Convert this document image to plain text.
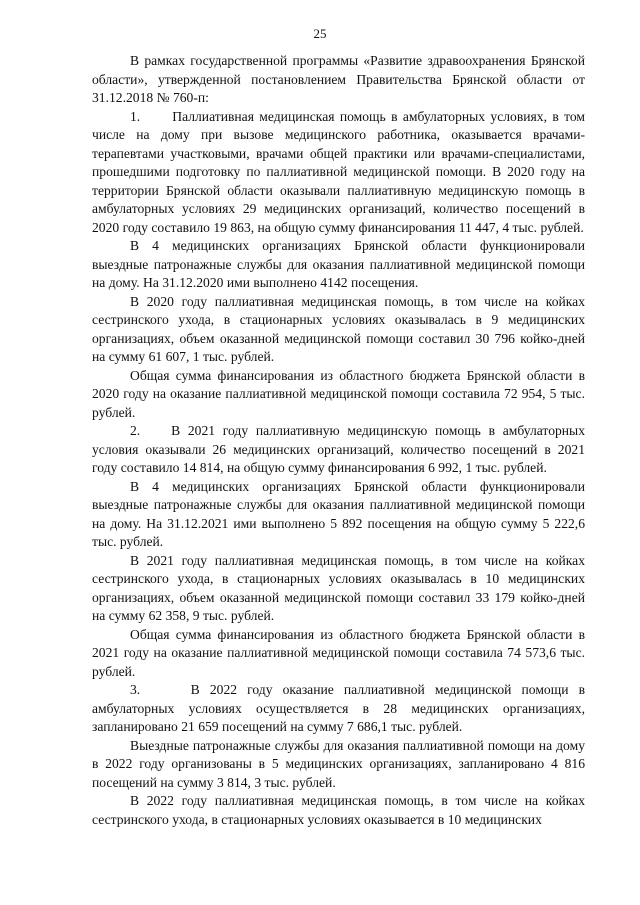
25

В рамках государственной программы «Развитие здравоохранения Брянской области», утвержденной постановлением Правительства Брянской области от 31.12.2018 № 760-п:

1.      Паллиативная медицинская помощь в амбулаторных условиях, в том числе на дому при вызове медицинского работника, оказывается врачами-терапевтами участковыми, врачами общей практики или врачами-специалистами, прошедшими подготовку по паллиативной медицинской помощи. В 2020 году на территории Брянской области оказывали паллиативную медицинскую помощь в амбулаторных условиях 29 медицинских организаций, количество посещений в 2020 году составило 19 863, на общую сумму финансирования 11 447, 4 тыс. рублей.

В 4 медицинских организациях Брянской области функционировали выездные патронажные службы для оказания паллиативной медицинской помощи на дому. На 31.12.2020 ими выполнено 4142 посещения.

В 2020 году паллиативная медицинская помощь, в том числе на койках сестринского ухода, в стационарных условиях оказывалась в 9 медицинских организациях, объем оказанной медицинской помощи составил 30 796 койко-дней на сумму 61 607, 1 тыс. рублей.

Общая сумма финансирования из областного бюджета Брянской области в 2020 году на оказание паллиативной медицинской помощи составила 72 954, 5 тыс. рублей.

2.    В 2021 году паллиативную медицинскую помощь в амбулаторных условия оказывали 26 медицинских организаций, количество посещений в 2021 году составило 14 814, на общую сумму финансирования 6 992, 1 тыс. рублей.

В 4 медицинских организациях Брянской области функционировали выездные патронажные службы для оказания паллиативной медицинской помощи на дому. На 31.12.2021 ими выполнено 5 892 посещения на общую сумму 5 222,6 тыс. рублей.

В 2021 году паллиативная медицинская помощь, в том числе на койках сестринского ухода, в стационарных условиях оказывалась в 10 медицинских организациях, объем оказанной медицинской помощи составил 33 179 койко-дней на сумму 62 358, 9 тыс. рублей.

Общая сумма финансирования из областного бюджета Брянской области в 2021 году на оказание паллиативной медицинской помощи составила 74 573,6 тыс. рублей.

3.     В 2022 году оказание паллиативной медицинской помощи в амбулаторных условиях осуществляется в 28 медицинских организациях, запланировано 21 659 посещений на сумму 7 686,1 тыс. рублей.

Выездные патронажные службы для оказания паллиативной помощи на дому в 2022 году организованы в 5 медицинских организациях, запланировано 4 816 посещений на сумму 3 814, 3 тыс. рублей.

В 2022 году паллиативная медицинская помощь, в том числе на койках сестринского ухода, в стационарных условиях оказывается в 10 медицинских
